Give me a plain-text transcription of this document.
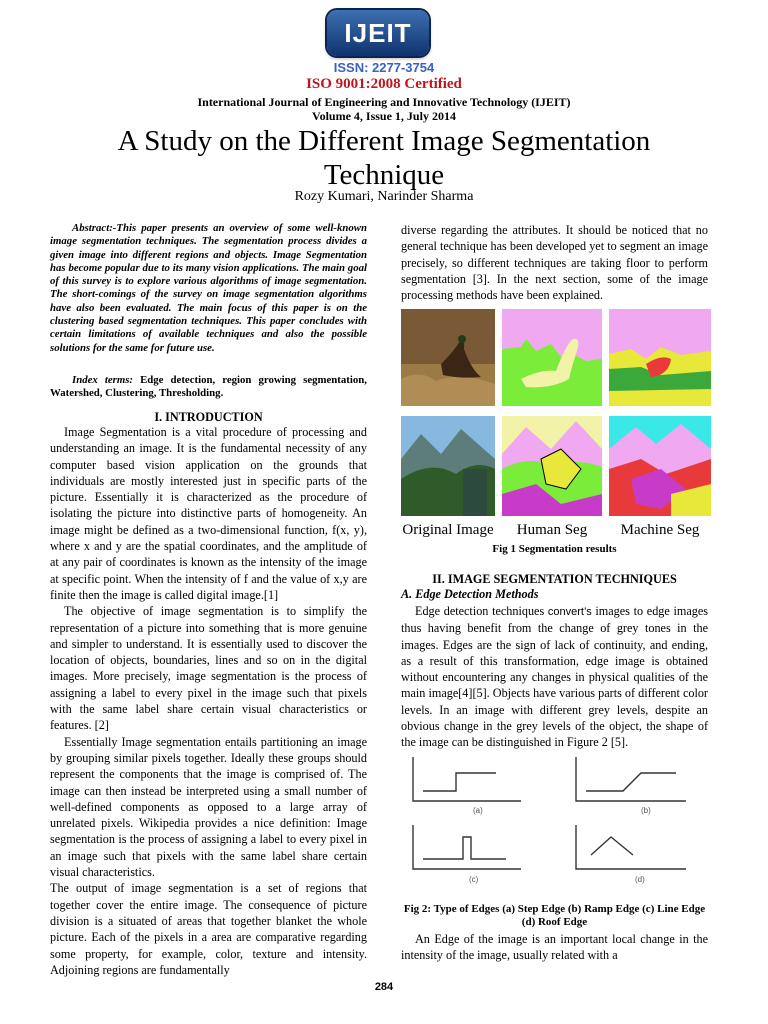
IJEIT
ISSN: 2277-3754
ISO 9001:2008 Certified
International Journal of Engineering and Innovative Technology (IJEIT)
Volume 4, Issue 1, July 2014
A Study on the Different Image Segmentation
Technique
Rozy Kumari, Narinder Sharma
Abstract:-This paper presents an overview of some well-known image segmentation techniques. The segmentation process divides a given image into different regions and objects. Image Segmentation has become popular due to its many vision applications. The main goal of this survey is to explore various algorithms of image segmentation. The short-comings of the survey on image segmentation algorithms have also been evaluated. The main focus of this paper is on the clustering based segmentation techniques. This paper concludes with certain limitations of available techniques and also the possible solutions for the same for future use.
Index terms: Edge detection, region growing segmentation, Watershed, Clustering, Thresholding.
I. INTRODUCTION

Image Segmentation is a vital procedure of processing and understanding an image. It is the fundamental necessity of any computer based vision application on the grounds that individuals are mostly interested just in specific parts of the picture. Essentially it is characterized as the procedure of isolating the picture into distinctive parts of homogeneity. An image might be defined as a two-dimensional function, f(x, y), where x and y are the spatial coordinates, and the amplitude of at any pair of coordinates is known as the intensity of the image at specific point. When the intensity of f and the value of x,y are finite then the image is called digital image.[1]

The objective of image segmentation is to simplify the representation of a picture into something that is more genuine and simpler to understand. It is essentially used to discover the location of objects, boundaries, lines and so on in the digital images. More precisely, image segmentation is the process of assigning a label to every pixel in the image such that pixels with the same label share certain visual characteristics or features. [2]

Essentially Image segmentation entails partitioning an image by grouping similar pixels together. Ideally these groups should represent the components that the image is comprised of. The image can then instead be interpreted using a small number of well-defined components as opposed to a large array of unrelated pixels. Wikipedia provides a nice definition: Image segmentation is the process of assigning a label to every pixel in an image such that pixels with the same label share certain visual characteristics.

The output of image segmentation is a set of regions that together cover the entire image. The consequence of picture division is a situated of areas that together blanket the whole picture. Each of the pixels in a area are comparative regarding some property, for example, color, texture and intensity. Adjoining regions are fundamentally

diverse regarding the attributes. It should be noticed that no general technique has been developed yet to segment an image precisely, so different techniques are taking floor to perform segmentation [3]. In the next section, some of the image processing methods have been explained.
Original Image Human Seg Machine Seg
Fig 1 Segmentation results
II. IMAGE SEGMENTATION TECHNIQUES
A. Edge Detection Methods
Edge detection techniques convert’s images to edge images thus having benefit from the change of grey tones in the images. Edges are the sign of lack of continuity, and ending, as a result of this transformation, edge image is obtained without encountering any changes in physical qualities of the main image[4][5]. Objects have various parts of different color levels. In an image with different grey levels, despite an obvious change in the grey levels of the object, the shape of the image can be distinguished in Figure 2 [5].
(a)	(b)
(c)	(d)
Fig 2: Type of Edges (a) Step Edge (b) Ramp Edge (c) Line Edge (d) Roof Edge
An Edge of the image is an important local change in the intensity of the image, usually related with a
284
